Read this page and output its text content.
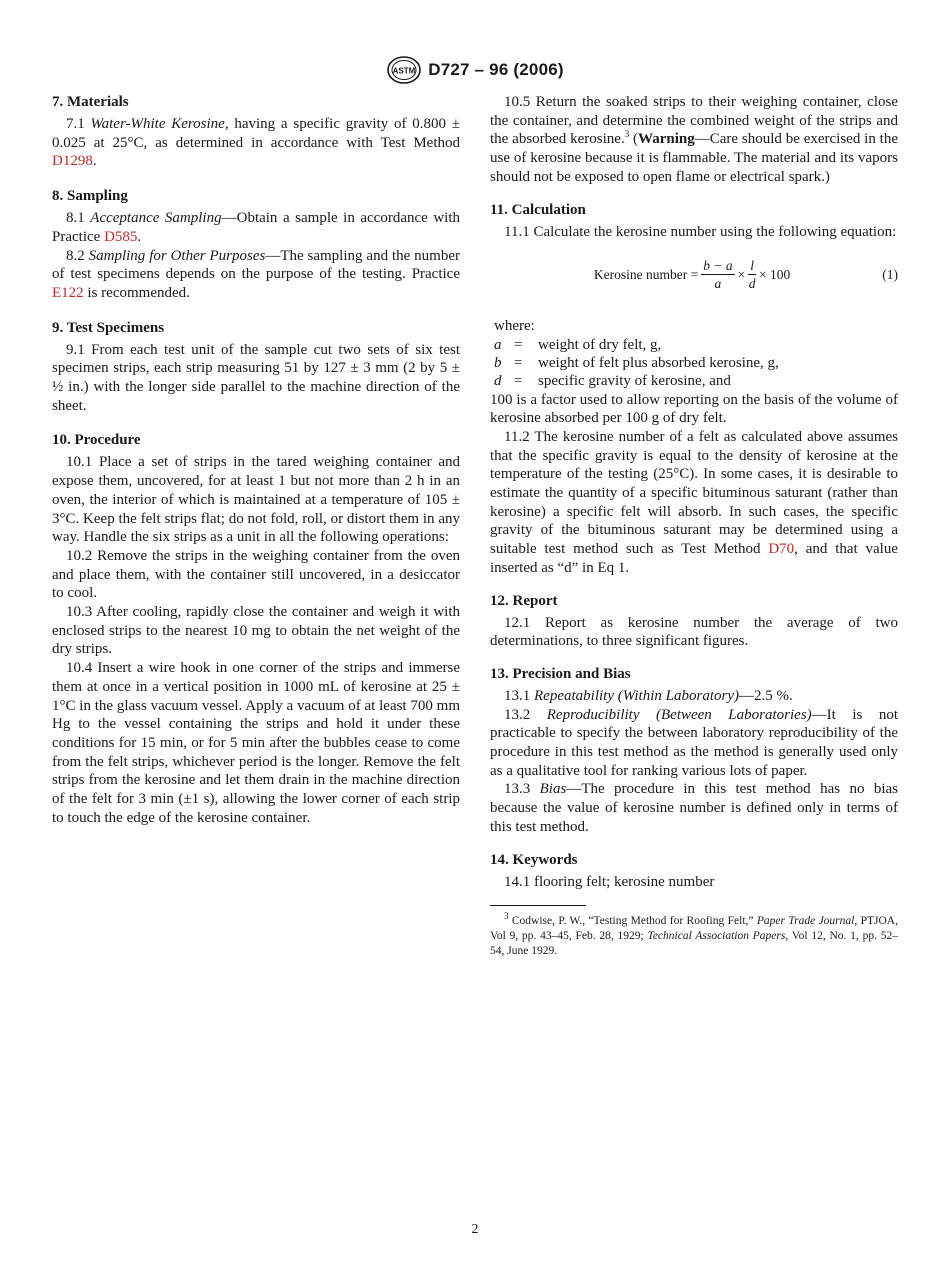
ASTM D727 – 96 (2006)
7. Materials

7.1 Water-White Kerosine, having a specific gravity of 0.800 ± 0.025 at 25°C, as determined in accordance with Test Method D1298.

8. Sampling

8.1 Acceptance Sampling—Obtain a sample in accordance with Practice D585.

8.2 Sampling for Other Purposes—The sampling and the number of test specimens depends on the purpose of the testing. Practice E122 is recommended.

9. Test Specimens

9.1 From each test unit of the sample cut two sets of six test specimen strips, each strip measuring 51 by 127 ± 3 mm (2 by 5 ± ½ in.) with the longer side parallel to the machine direction of the sheet.

10. Procedure

10.1 Place a set of strips in the tared weighing container and expose them, uncovered, for at least 1 but not more than 2 h in an oven, the interior of which is maintained at a temperature of 105 ± 3°C. Keep the felt strips flat; do not fold, roll, or distort them in any way. Handle the six strips as a unit in all the following operations:

10.2 Remove the strips in the weighing container from the oven and place them, with the container still uncovered, in a desiccator to cool.

10.3 After cooling, rapidly close the container and weigh it with enclosed strips to the nearest 10 mg to obtain the net weight of the dry strips.

10.4 Insert a wire hook in one corner of the strips and immerse them at once in a vertical position in 1000 mL of kerosine at 25 ± 1°C in the glass vacuum vessel. Apply a vacuum of at least 700 mm Hg to the vessel containing the strips and hold it under these conditions for 15 min, or for 5 min after the bubbles cease to come from the felt strips, whichever period is the longer. Remove the felt strips from the kerosine and let them drain in the machine direction of the felt for 3 min (±1 s), allowing the lower corner of each strip to touch the edge of the kerosine container.

10.5 Return the soaked strips to their weighing container, close the container, and determine the combined weight of the strips and the absorbed kerosine.$^3$ (Warning—Care should be exercised in the use of kerosine because it is flammable. The material and its vapors should not be exposed to open flame or electrical spark.)

11. Calculation

11.1 Calculate the kerosine number using the following equation:

Kerosine number = $\frac{b - a}{a} \times \frac{l}{d} \times 100$	(1)
where:
a =	weight of dry felt, g,
b =	weight of felt plus absorbed kerosine, g,
d =	specific gravity of kerosine, and

100 is a factor used to allow reporting on the basis of the volume of kerosine absorbed per 100 g of dry felt.

11.2 The kerosine number of a felt as calculated above assumes that the specific gravity is equal to the density of kerosine at the temperature of the testing (25°C). In some cases, it is desirable to estimate the quantity of a specific bituminous saturant (rather than kerosine) a specific felt will absorb. In such cases, the specific gravity of the bituminous saturant may be determined using a suitable test method such as Test Method D70, and that value inserted as “d” in Eq 1.

12. Report

12.1 Report as kerosine number the average of two determinations, to three significant figures.

13. Precision and Bias

13.1 Repeatability (Within Laboratory)—2.5 %.

13.2 Reproducibility (Between Laboratories)—It is not practicable to specify the between laboratory reproducibility of the procedure in this test method as the method is generally used only as a qualitative tool for ranking various lots of paper.

13.3 Bias—The procedure in this test method has no bias because the value of kerosine number is defined only in terms of this test method.

14. Keywords

14.1 flooring felt; kerosine number

$^3$ Codwise, P. W., “Testing Method for Roofing Felt,” Paper Trade Journal, PTJOA, Vol 9, pp. 43–45, Feb. 28, 1929; Technical Association Papers, Vol 12, No. 1, pp. 52–54, June 1929.

2
